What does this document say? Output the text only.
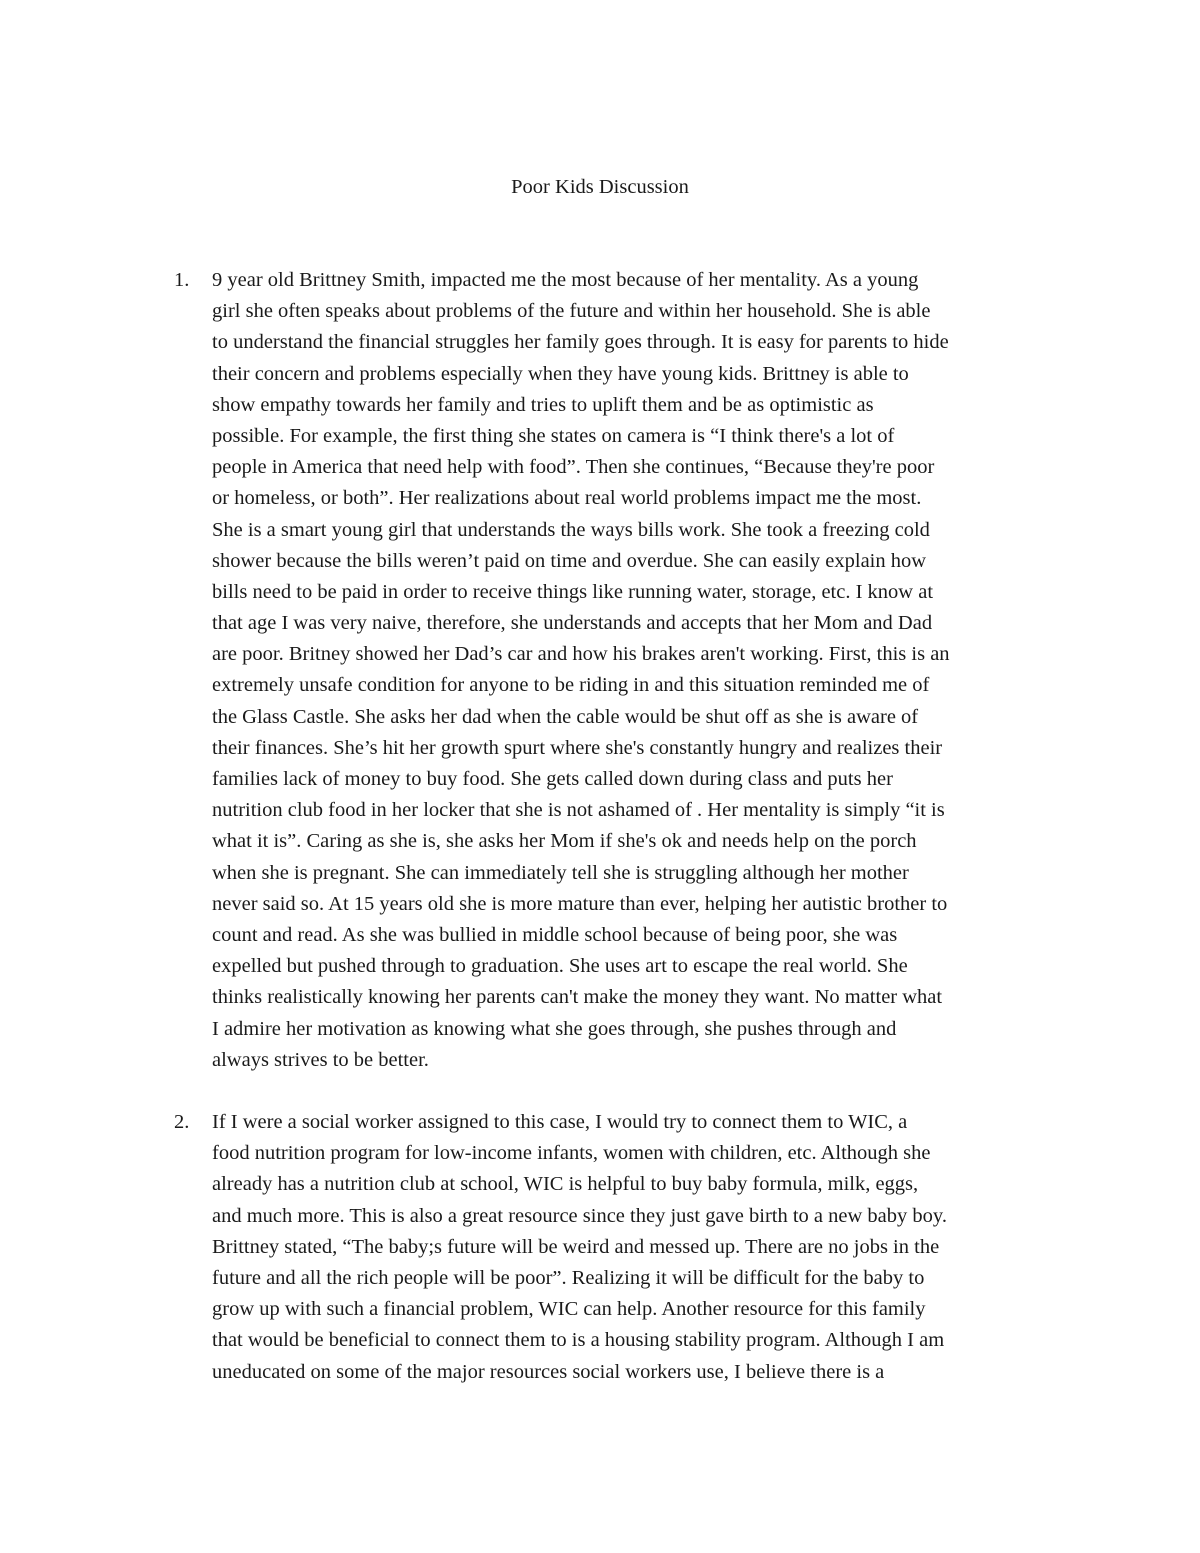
Poor Kids Discussion
1.	9 year old Brittney Smith, impacted me the most because of her mentality. As a young
girl she often speaks about problems of the future and within her household. She is able
to understand the financial struggles her family goes through. It is easy for parents to hide
their concern and problems especially when they have young kids. Brittney is able to
show empathy towards her family and tries to uplift them and be as optimistic as
possible. For example, the first thing she states on camera is “I think there's a lot of
people in America that need help with food”. Then she continues, “Because they're poor
or homeless, or both”. Her realizations about real world problems impact me the most.
She is a smart young girl that understands the ways bills work. She took a freezing cold
shower because the bills weren’t paid on time and overdue. She can easily explain how
bills need to be paid in order to receive things like running water, storage, etc. I know at
that age I was very naive, therefore, she understands and accepts that her Mom and Dad
are poor. Britney showed her Dad’s car and how his brakes aren't working. First, this is an
extremely unsafe condition for anyone to be riding in and this situation reminded me of
the Glass Castle. She asks her dad when the cable would be shut off as she is aware of
their finances. She’s hit her growth spurt where she's constantly hungry and realizes their
families lack of money to buy food. She gets called down during class and puts her
nutrition club food in her locker that she is not ashamed of . Her mentality is simply “it is
what it is”. Caring as she is, she asks her Mom if she's ok and needs help on the porch
when she is pregnant. She can immediately tell she is struggling although her mother
never said so. At 15 years old she is more mature than ever, helping her autistic brother to
count and read. As she was bullied in middle school because of being poor, she was
expelled but pushed through to graduation. She uses art to escape the real world. She
thinks realistically knowing her parents can't make the money they want. No matter what
I admire her motivation as knowing what she goes through, she pushes through and
always strives to be better.
2.	If I were a social worker assigned to this case, I would try to connect them to WIC, a
food nutrition program for low-income infants, women with children, etc. Although she
already has a nutrition club at school, WIC is helpful to buy baby formula, milk, eggs,
and much more. This is also a great resource since they just gave birth to a new baby boy.
Brittney stated, “The baby;s future will be weird and messed up. There are no jobs in the
future and all the rich people will be poor”. Realizing it will be difficult for the baby to
grow up with such a financial problem, WIC can help. Another resource for this family
that would be beneficial to connect them to is a housing stability program. Although I am
uneducated on some of the major resources social workers use, I believe there is a
